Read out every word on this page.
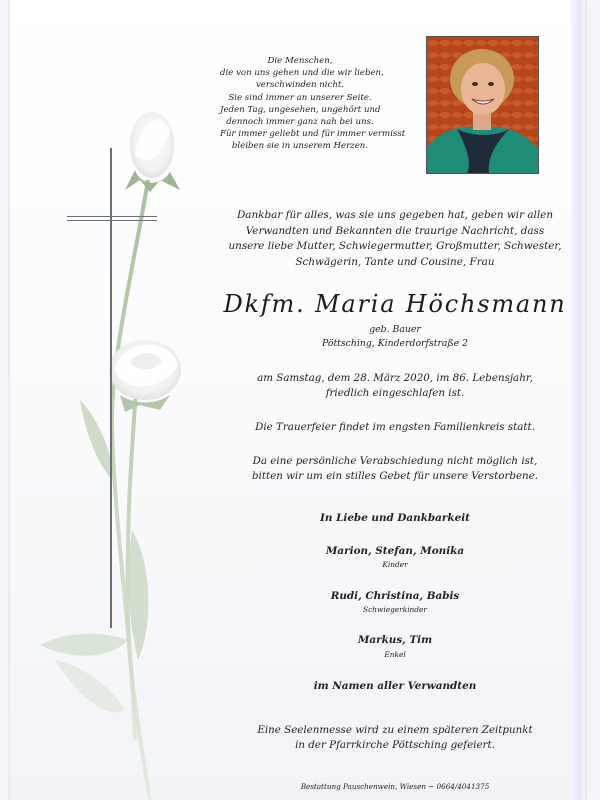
Die Menschen,
die von uns gehen und die wir lieben,
verschwinden nicht.
Sie sind immer an unserer Seite.
Jeden Tag, ungesehen, ungehört und
dennoch immer ganz nah bei uns.
Für immer geliebt und für immer vermisst
bleiben sie in unserem Herzen.
Dankbar für alles, was sie uns gegeben hat, geben wir allen
Verwandten und Bekannten die traurige Nachricht, dass
unsere liebe Mutter, Schwiegermutter, Großmutter, Schwester,
Schwägerin, Tante und Cousine, Frau
Dkfm. Maria Höchsmann
geb. Bauer
Pöttsching, Kinderdorfstraße 2
am Samstag, dem 28. März 2020, im 86. Lebensjahr,
friedlich eingeschlafen ist.
Die Trauerfeier findet im engsten Familienkreis statt.
Da eine persönliche Verabschiedung nicht möglich ist,
bitten wir um ein stilles Gebet für unsere Verstorbene.
In Liebe und Dankbarkeit
Marion, Stefan, Monika
Kinder
Rudi, Christina, Babis
Schwiegerkinder
Markus, Tim
Enkel
im Namen aller Verwandten
Eine Seelenmesse wird zu einem späteren Zeitpunkt
in der Pfarrkirche Pöttsching gefeiert.
Bestattung Pauschenwein, Wiesen ~ 0664/4041375
